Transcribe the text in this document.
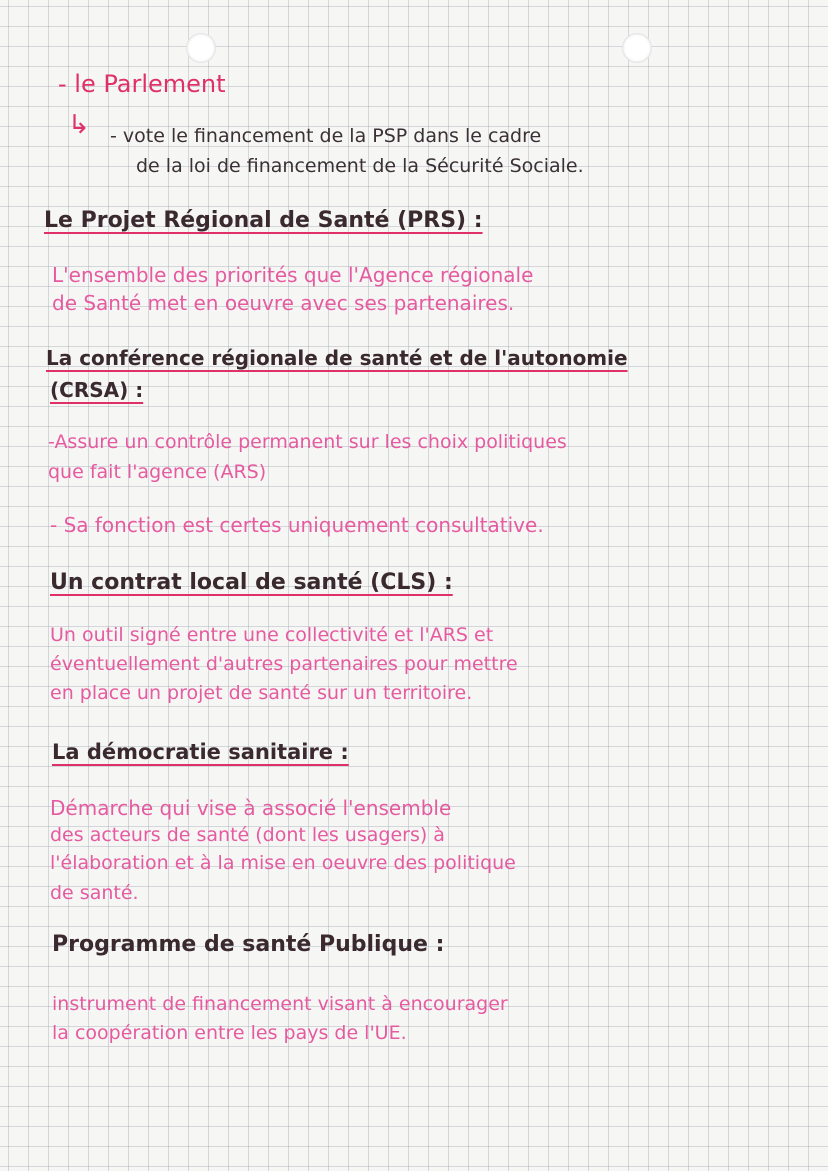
- le Parlement
↳ - vote le financement de la PSP dans le cadre
de la loi de financement de la Sécurité Sociale.
Le Projet Régional de Santé (PRS) :
L'ensemble des priorités que l'Agence régionale
de Santé met en oeuvre avec ses partenaires.
La conférence régionale de santé et de l'autonomie
(CRSA) :
-Assure un contrôle permanent sur les choix politiques
que fait l'agence (ARS)
- Sa fonction est certes uniquement consultative.
Un contrat local de santé (CLS) :
Un outil signé entre une collectivité et l'ARS et
éventuellement d'autres partenaires pour mettre
en place un projet de santé sur un territoire.
La démocratie sanitaire :
Démarche qui vise à associé l'ensemble
des acteurs de santé (dont les usagers) à
l'élaboration et à la mise en oeuvre des politique
de santé.
Programme de santé Publique :
instrument de financement visant à encourager
la coopération entre les pays de l'UE.
